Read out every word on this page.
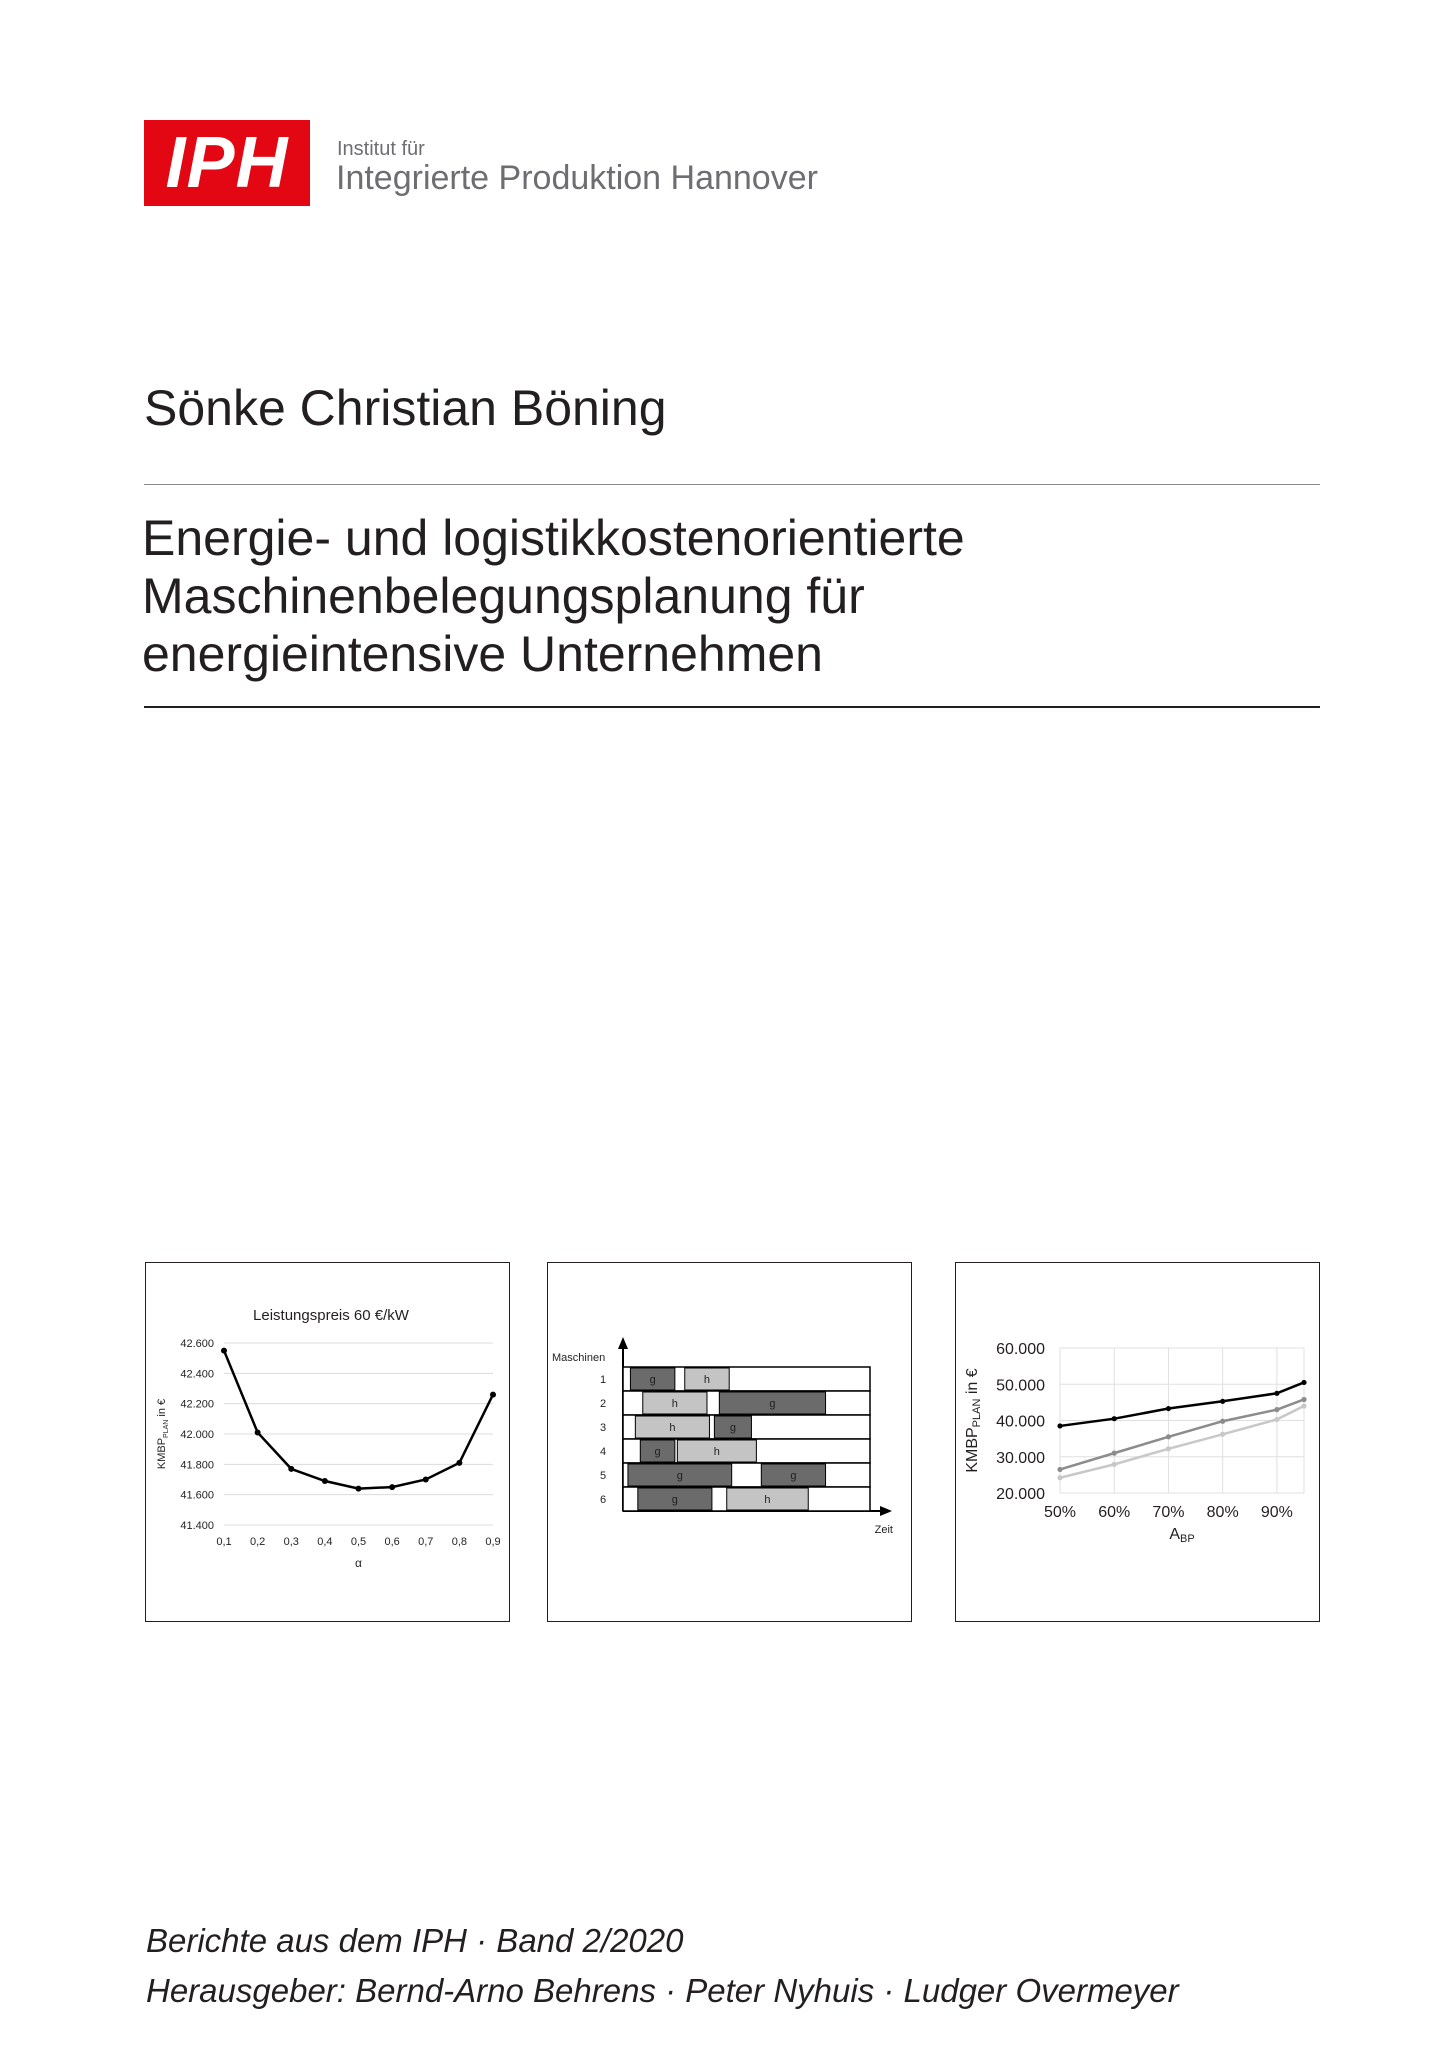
IPH	Institut für
Integrierte Produktion Hannover
Sönke Christian Böning
Energie- und logistikkostenorientierte
Maschinenbelegungsplanung für
energieintensive Unternehmen
Leistungspreis 60 €/kW
42.600
42.400
42.200
42.000
41.800
41.600
41.400
0,1 0,2 0,3 0,4 0,5 0,6 0,7 0,8 0,9
α
$KMBP_{PLAN}$ in €
Maschinen
Zeit
1
2
3
4
5
6
g	h
h	g
h	g
g	h
g	g
g	h
60.000
50.000
40.000
30.000
20.000
50% 60% 70% 80% 90%
ABP
KMBPPLAN in €
Berichte aus dem IPH · Band 2/2020
Herausgeber: Bernd-Arno Behrens · Peter Nyhuis · Ludger Overmeyer
